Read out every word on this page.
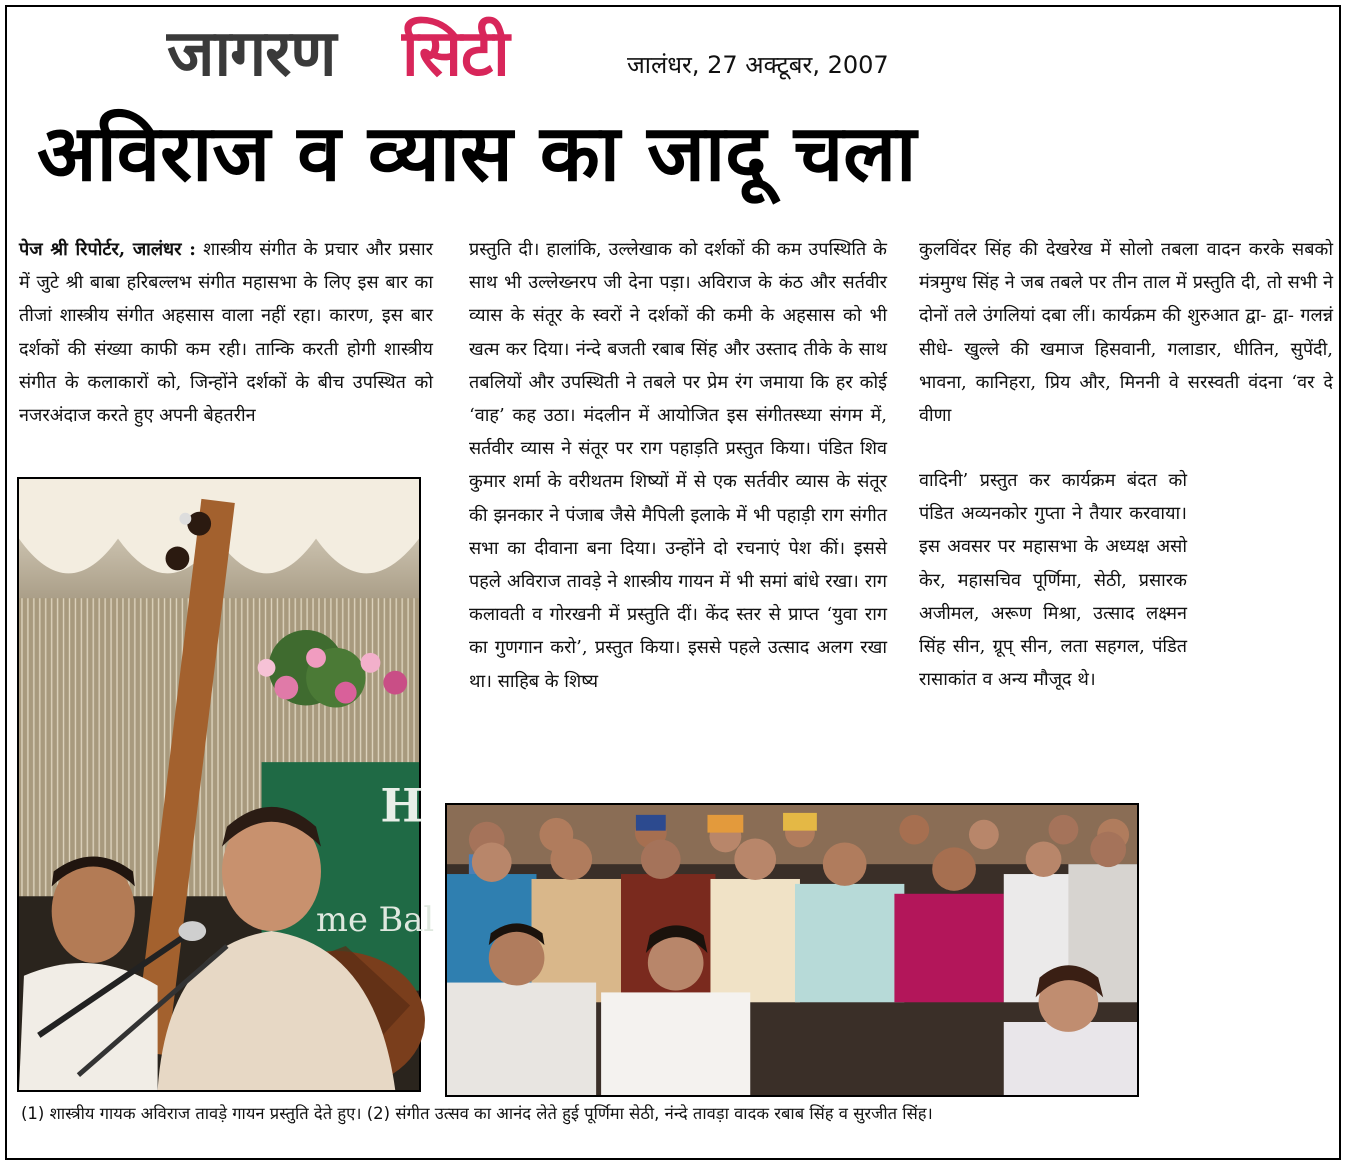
जागरण सिटी	जालंधर, 27 अक्टूबर, 2007
अविराज व व्यास का जादू चला
पेज श्री रिपोर्टर, जालंधर : शास्त्रीय संगीत के प्रचार और प्रसार में जुटे श्री बाबा हरिबल्लभ संगीत महासभा के लिए इस बार का तीजां शास्त्रीय संगीत अहसास वाला नहीं रहा। कारण, इस बार दर्शकों की संख्या काफी कम रही। तान्कि करती होगी शास्त्रीय संगीत के कलाकारों को, जिन्होंने दर्शकों के बीच उपस्थित को नजरअंदाज करते हुए अपनी बेहतरीन
प्रस्तुति दी। हालांकि, उल्लेखाक को दर्शकों की कम उपस्थिति के साथ भी उल्लेख्नरप जी देना पड़ा। अविराज के कंठ और सर्तवीर व्यास के संतूर के स्वरों ने दर्शकों की कमी के अहसास को भी खत्म कर दिया। नंन्दे बजती रबाब सिंह और उस्ताद तीके के साथ तबलियों और उपस्थिती ने तबले पर प्रेम रंग जमाया कि हर कोई ‘वाह’ कह उठा। मंदलीन में आयोजित इस संगीतस्ध्या संगम में, सर्तवीर व्यास ने संतूर पर राग पहाड़ति प्रस्तुत किया। पंडित शिव कुमार शर्मा के वरीथतम शिष्यों में से एक सर्तवीर व्यास के संतूर की झनकार ने पंजाब जैसे मैपिली इलाके में भी पहाड़ी राग संगीत सभा का दीवाना बना दिया। उन्होंने दो रचनाएं पेश कीं। इससे पहले अविराज तावड़े ने शास्त्रीय गायन में भी समां बांधे रखा। राग कलावती व गोरखनी में प्रस्तुति दीं। केंद स्तर से प्राप्त ‘युवा राग का गुणगान करो’, प्रस्तुत किया। इससे पहले उत्साद अलग रखा था। साहिब के शिष्य
कुलविंदर सिंह की देखरेख में सोलो तबला वादन करके सबको मंत्रमुग्ध सिंह ने जब तबले पर तीन ताल में प्रस्तुति दी, तो सभी ने दोनों तले उंगलियां दबा लीं। कार्यक्रम की शुरुआत द्वा- द्वा- गलन्नं सीधे- खुल्ले की खमाज हिसवानी, गलाडार, धीतिन, सुपेंदी, भावना, कानिहरा, प्रिय और, मिननी वे सरस्वती वंदना ‘वर दे वीणा
वादिनी’ प्रस्तुत कर कार्यक्रम बंदत को पंडित अव्यनकोर गुप्ता ने तैयार करवाया। इस अवसर पर महासभा के अध्यक्ष असो केर, महासचिव पूर्णिमा, सेठी, प्रसारक अजीमल, अरूण मिश्रा, उत्साद लक्ष्मन सिंह सीन, ग्रूप् सीन, लता सहगल, पंडित रासाकांत व अन्य मौजूद थे।
H
me Bal
(1) शास्त्रीय गायक अविराज तावड़े गायन प्रस्तुति देते हुए। (2) संगीत उत्सव का आनंद लेते हुई पूर्णिमा सेठी, नंन्दे तावड़ा वादक रबाब सिंह व सुरजीत सिंह।
